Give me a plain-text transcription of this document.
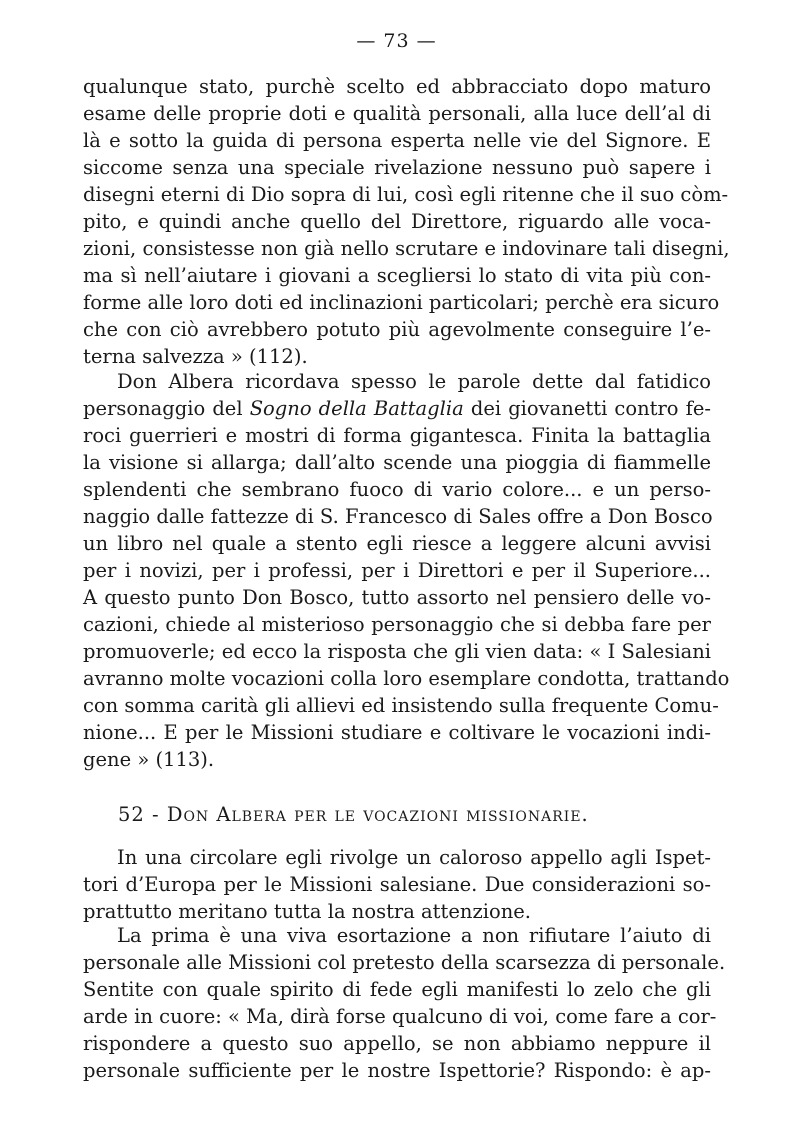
— 73 —
qualunque stato, purchè scelto ed abbracciato dopo maturo
esame delle proprie doti e qualità personali, alla luce dell’al di
là e sotto la guida di persona esperta nelle vie del Signore. E
siccome senza una speciale rivelazione nessuno può sapere i
disegni eterni di Dio sopra di lui, così egli ritenne che il suo còm-
pito, e quindi anche quello del Direttore, riguardo alle voca-
zioni, consistesse non già nello scrutare e indovinare tali disegni,
ma sì nell’aiutare i giovani a scegliersi lo stato di vita più con-
forme alle loro doti ed inclinazioni particolari; perchè era sicuro
che con ciò avrebbero potuto più agevolmente conseguire l’e-
terna salvezza » (112).
Don Albera ricordava spesso le parole dette dal fatidico
personaggio del Sogno della Battaglia dei giovanetti contro fe-
roci guerrieri e mostri di forma gigantesca. Finita la battaglia
la visione si allarga; dall’alto scende una pioggia di fiammelle
splendenti che sembrano fuoco di vario colore... e un perso-
naggio dalle fattezze di S. Francesco di Sales offre a Don Bosco
un libro nel quale a stento egli riesce a leggere alcuni avvisi
per i novizi, per i professi, per i Direttori e per il Superiore...
A questo punto Don Bosco, tutto assorto nel pensiero delle vo-
cazioni, chiede al misterioso personaggio che si debba fare per
promuoverle; ed ecco la risposta che gli vien data: « I Salesiani
avranno molte vocazioni colla loro esemplare condotta, trattando
con somma carità gli allievi ed insistendo sulla frequente Comu-
nione... E per le Missioni studiare e coltivare le vocazioni indi-
gene » (113).
52 - Don Albera per le vocazioni missionarie.
In una circolare egli rivolge un caloroso appello agli Ispet-
tori d’Europa per le Missioni salesiane. Due considerazioni so-
prattutto meritano tutta la nostra attenzione.
La prima è una viva esortazione a non rifiutare l’aiuto di
personale alle Missioni col pretesto della scarsezza di personale.
Sentite con quale spirito di fede egli manifesti lo zelo che gli
arde in cuore: « Ma, dirà forse qualcuno di voi, come fare a cor-
rispondere a questo suo appello, se non abbiamo neppure il
personale sufficiente per le nostre Ispettorie? Rispondo: è ap-
